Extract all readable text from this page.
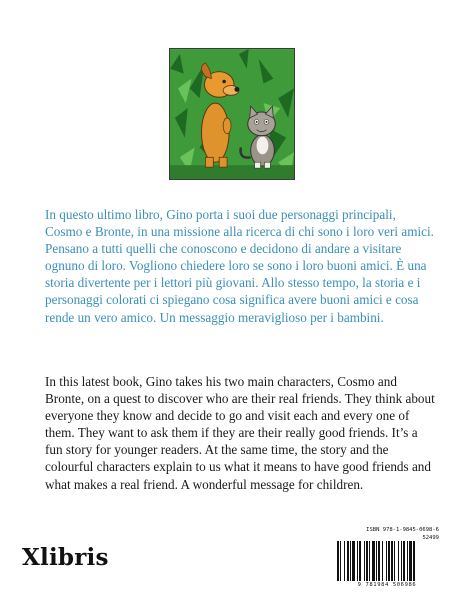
In questo ultimo libro, Gino porta i suoi due personaggi principali, Cosmo e Bronte, in una missione alla ricerca di chi sono i loro veri amici. Pensano a tutti quelli che conoscono e decidono di andare a visitare ognuno di loro. Vogliono chiedere loro se sono i loro buoni amici. È una storia divertente per i lettori più giovani. Allo stesso tempo, la storia e i personaggi colorati ci spiegano cosa significa avere buoni amici e cosa rende un vero amico. Un messaggio meraviglioso per i bambini.

In this latest book, Gino takes his two main characters, Cosmo and Bronte, on a quest to discover who are their real friends. They think about everyone they know and decide to go and visit each and every one of them. They want to ask them if they are their really good friends. It’s a fun story for younger readers. At the same time, the story and the colourful characters explain to us what it means to have good friends and what makes a real friend. A wonderful message for children.

Xlibris
ISBN 978-1-9845-0698-6
52499
9 781984 506986
